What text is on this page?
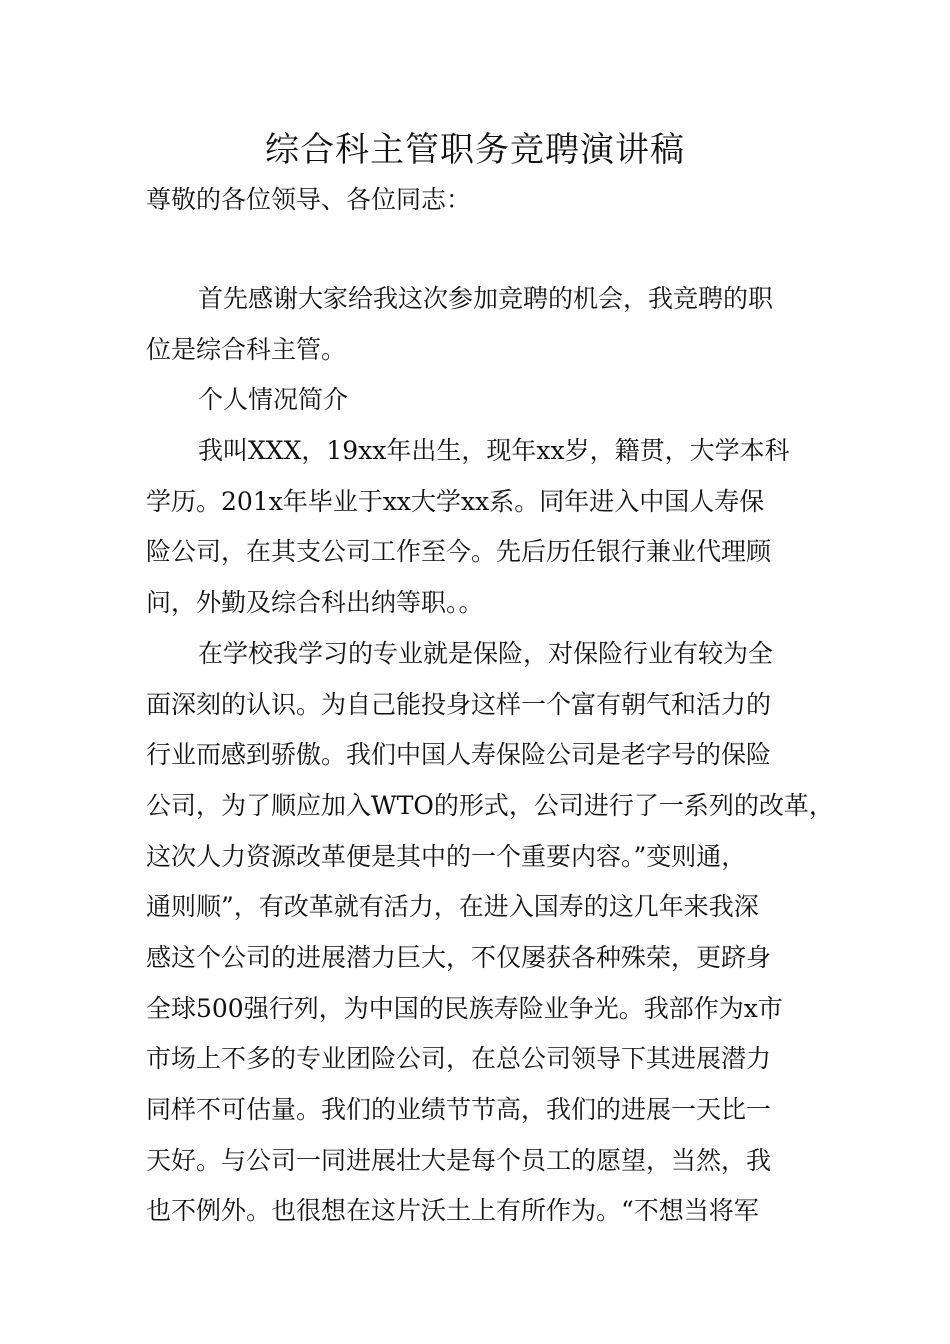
综合科主管职务竞聘演讲稿

尊敬的各位领导、各位同志：

首先感谢大家给我这次参加竞聘的机会，我竞聘的职
位是综合科主管。
个人情况简介
我叫XXX，19xx年出生，现年xx岁，籍贯，大学本科
学历。201x年毕业于xx大学xx系。同年进入中国人寿保
险公司，在其支公司工作至今。先后历任银行兼业代理顾
问，外勤及综合科出纳等职。。
在学校我学习的专业就是保险，对保险行业有较为全
面深刻的认识。为自己能投身这样一个富有朝气和活力的
行业而感到骄傲。我们中国人寿保险公司是老字号的保险
公司，为了顺应加入WTO的形式，公司进行了一系列的改革，
这次人力资源改革便是其中的一个重要内容。”变则通，
通则顺”，有改革就有活力，在进入国寿的这几年来我深
感这个公司的进展潜力巨大，不仅屡获各种殊荣，更跻身
全球500强行列，为中国的民族寿险业争光。我部作为x市
市场上不多的专业团险公司，在总公司领导下其进展潜力
同样不可估量。我们的业绩节节高，我们的进展一天比一
天好。与公司一同进展壮大是每个员工的愿望，当然，我
也不例外。也很想在这片沃土上有所作为。“不想当将军
